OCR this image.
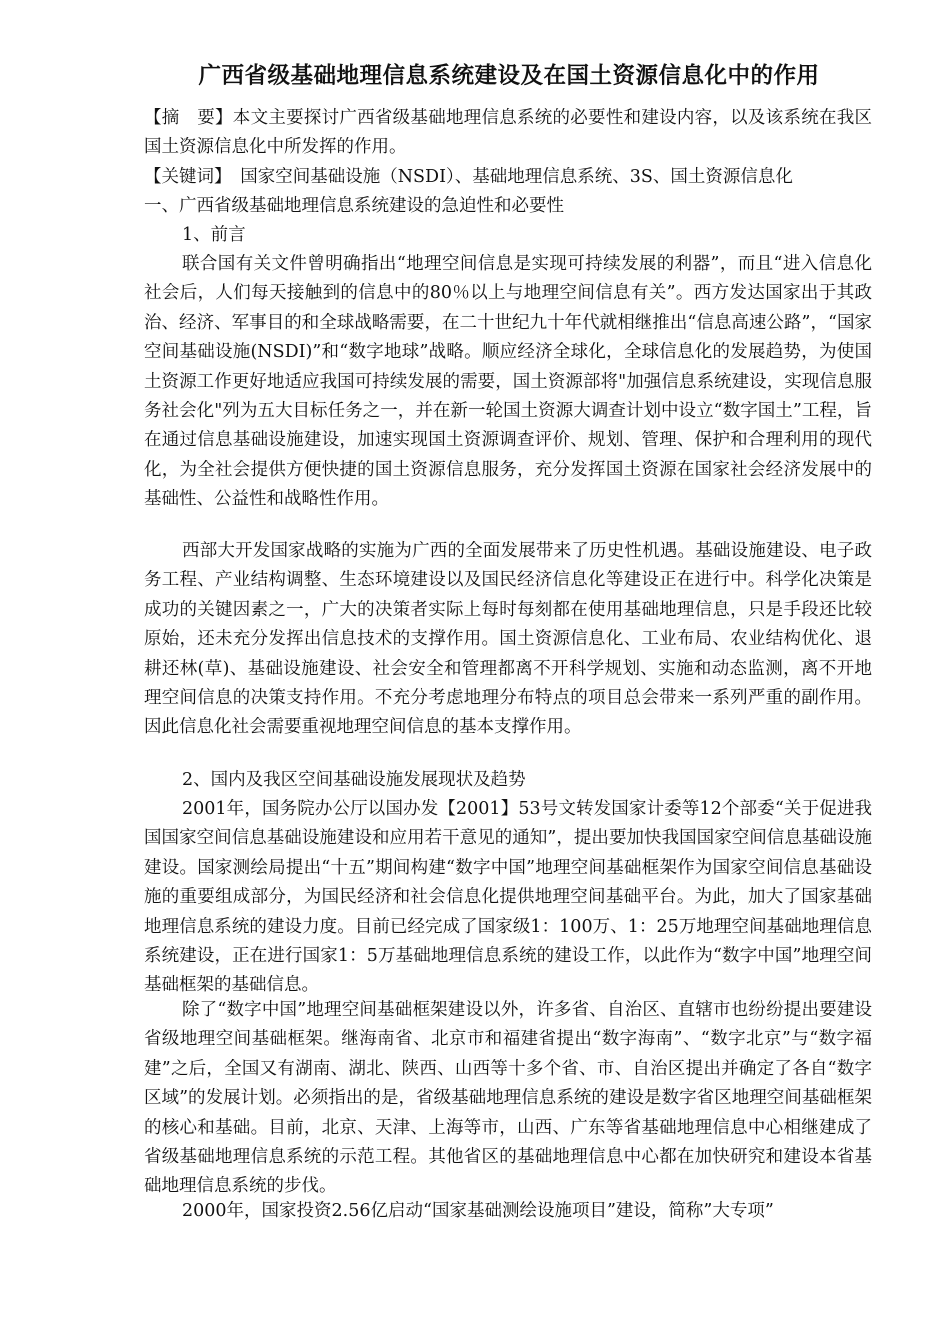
广西省级基础地理信息系统建设及在国土资源信息化中的作用
【摘　要】本文主要探讨广西省级基础地理信息系统的必要性和建设内容，以及该系统在我区国土资源信息化中所发挥的作用。
【关键词】　国家空间基础设施（NSDI）、基础地理信息系统、3S、国土资源信息化
一、广西省级基础地理信息系统建设的急迫性和必要性
1、前言
联合国有关文件曾明确指出“地理空间信息是实现可持续发展的利器”，而且“进入信息化社会后，人们每天接触到的信息中的80％以上与地理空间信息有关”。西方发达国家出于其政治、经济、军事目的和全球战略需要，在二十世纪九十年代就相继推出“信息高速公路”，“国家空间基础设施(NSDI)”和“数字地球”战略。顺应经济全球化，全球信息化的发展趋势，为使国土资源工作更好地适应我国可持续发展的需要，国土资源部将"加强信息系统建设，实现信息服务社会化"列为五大目标任务之一，并在新一轮国土资源大调查计划中设立“数字国土”工程，旨在通过信息基础设施建设，加速实现国土资源调查评价、规划、管理、保护和合理利用的现代化，为全社会提供方便快捷的国土资源信息服务，充分发挥国土资源在国家社会经济发展中的基础性、公益性和战略性作用。
西部大开发国家战略的实施为广西的全面发展带来了历史性机遇。基础设施建设、电子政务工程、产业结构调整、生态环境建设以及国民经济信息化等建设正在进行中。科学化决策是成功的关键因素之一，广大的决策者实际上每时每刻都在使用基础地理信息，只是手段还比较原始，还未充分发挥出信息技术的支撑作用。国土资源信息化、工业布局、农业结构优化、退耕还林(草)、基础设施建设、社会安全和管理都离不开科学规划、实施和动态监测，离不开地理空间信息的决策支持作用。不充分考虑地理分布特点的项目总会带来一系列严重的副作用。因此信息化社会需要重视地理空间信息的基本支撑作用。
2、国内及我区空间基础设施发展现状及趋势
2001年，国务院办公厅以国办发【2001】53号文转发国家计委等12个部委“关于促进我国国家空间信息基础设施建设和应用若干意见的通知”，提出要加快我国国家空间信息基础设施建设。国家测绘局提出“十五”期间构建“数字中国”地理空间基础框架作为国家空间信息基础设施的重要组成部分，为国民经济和社会信息化提供地理空间基础平台。为此，加大了国家基础地理信息系统的建设力度。目前已经完成了国家级1：100万、1：25万地理空间基础地理信息系统建设，正在进行国家1：5万基础地理信息系统的建设工作，以此作为“数字中国”地理空间基础框架的基础信息。
除了“数字中国”地理空间基础框架建设以外，许多省、自治区、直辖市也纷纷提出要建设省级地理空间基础框架。继海南省、北京市和福建省提出“数字海南”、“数字北京”与“数字福建”之后，全国又有湖南、湖北、陕西、山西等十多个省、市、自治区提出并确定了各自“数字区域”的发展计划。必须指出的是，省级基础地理信息系统的建设是数字省区地理空间基础框架的核心和基础。目前，北京、天津、上海等市，山西、广东等省基础地理信息中心相继建成了省级基础地理信息系统的示范工程。其他省区的基础地理信息中心都在加快研究和建设本省基础地理信息系统的步伐。
2000年，国家投资2.56亿启动“国家基础测绘设施项目”建设，简称”大专项”
